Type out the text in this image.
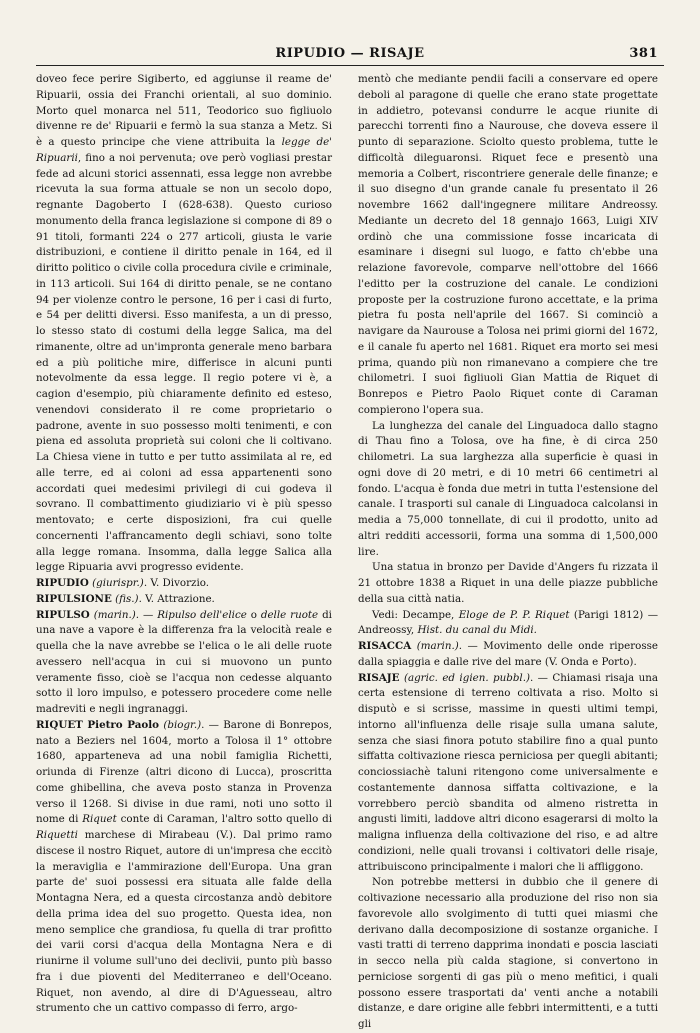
RIPUDIO — RISAJE	381

doveo fece perire Sigiberto, ed aggiunse il reame de' Ripuarii, ossia dei Franchi orientali, al suo dominio. Morto quel monarca nel 511, Teodorico suo figliuolo divenne re de' Ripuarii e fermò la sua stanza a Metz. Si è a questo principe che viene attribuita la legge de' Ripuarii, fino a noi pervenuta; ove però vogliasi prestar fede ad alcuni storici assennati, essa legge non avrebbe ricevuta la sua forma attuale se non un secolo dopo, regnante Dagoberto I (628-638). Questo curioso monumento della franca legislazione si compone di 89 o 91 titoli, formanti 224 o 277 articoli, giusta le varie distribuzioni, e contiene il diritto penale in 164, ed il diritto politico o civile colla procedura civile e criminale, in 113 articoli. Sui 164 di diritto penale, se ne contano 94 per violenze contro le persone, 16 per i casi di furto, e 54 per delitti diversi. Esso manifesta, a un di presso, lo stesso stato di costumi della legge Salica, ma del rimanente, oltre ad un'impronta generale meno barbara ed a più politiche mire, differisce in alcuni punti notevolmente da essa legge. Il regio potere vi è, a cagion d'esempio, più chiaramente definito ed esteso, venendovi considerato il re come proprietario o padrone, avente in suo possesso molti tenimenti, e con piena ed assoluta proprietà sui coloni che li coltivano. La Chiesa viene in tutto e per tutto assimilata al re, ed alle terre, ed ai coloni ad essa appartenenti sono accordati quei medesimi privilegi di cui godeva il sovrano. Il combattimento giudiziario vi è più spesso mentovato; e certe disposizioni, fra cui quelle concernenti l'affrancamento degli schiavi, sono tolte alla legge romana. Insomma, dalla legge Salica alla legge Ripuaria avvi progresso evidente.

RIPUDIO (giurispr.). V. Divorzio.

RIPULSIONE (fis.). V. Attrazione.

RIPULSO (marin.). — Ripulso dell'elice o delle ruote di una nave a vapore è la differenza fra la velocità reale e quella che la nave avrebbe se l'elica o le ali delle ruote avessero nell'acqua in cui si muovono un punto veramente fisso, cioè se l'acqua non cedesse alquanto sotto il loro impulso, e potessero procedere come nelle madreviti e negli ingranaggi.

RIQUET Pietro Paolo (biogr.). — Barone di Bonrepos, nato a Beziers nel 1604, morto a Tolosa il 1° ottobre 1680, apparteneva ad una nobil famiglia Richetti, oriunda di Firenze (altri dicono di Lucca), proscritta come ghibellina, che aveva posto stanza in Provenza verso il 1268. Si divise in due rami, noti uno sotto il nome di Riquet conte di Caraman, l'altro sotto quello di Riquetti marchese di Mirabeau (V.). Dal primo ramo discese il nostro Riquet, autore di un'impresa che eccitò la meraviglia e l'ammirazione dell'Europa. Una gran parte de' suoi possessi era situata alle falde della Montagna Nera, ed a questa circostanza andò debitore della prima idea del suo progetto. Questa idea, non meno semplice che grandiosa, fu quella di trar profitto dei varii corsi d'acqua della Montagna Nera e di riunirne il volume sull'uno dei declivii, punto più basso fra i due pioventi del Mediterraneo e dell'Oceano. Riquet, non avendo, al dire di D'Aguesseau, altro strumento che un cattivo compasso di ferro, argo-

mentò che mediante pendii facili a conservare ed opere deboli al paragone di quelle che erano state progettate in addietro, potevansi condurre le acque riunite di parecchi torrenti fino a Naurouse, che doveva essere il punto di separazione. Sciolto questo problema, tutte le difficoltà dileguaronsi. Riquet fece e presentò una memoria a Colbert, riscontriere generale delle finanze; e il suo disegno d'un grande canale fu presentato il 26 novembre 1662 dall'ingegnere militare Andreossy. Mediante un decreto del 18 gennajo 1663, Luigi XIV ordinò che una commissione fosse incaricata di esaminare i disegni sul luogo, e fatto ch'ebbe una relazione favorevole, comparve nell'ottobre del 1666 l'editto per la costruzione del canale. Le condizioni proposte per la costruzione furono accettate, e la prima pietra fu posta nell'aprile del 1667. Si cominciò a navigare da Naurouse a Tolosa nei primi giorni del 1672, e il canale fu aperto nel 1681. Riquet era morto sei mesi prima, quando più non rimanevano a compiere che tre chilometri. I suoi figliuoli Gian Mattia de Riquet di Bonrepos e Pietro Paolo Riquet conte di Caraman compierono l'opera sua.

La lunghezza del canale del Linguadoca dallo stagno di Thau fino a Tolosa, ove ha fine, è di circa 250 chilometri. La sua larghezza alla superficie è quasi in ogni dove di 20 metri, e di 10 metri 66 centimetri al fondo. L'acqua è fonda due metri in tutta l'estensione del canale. I trasporti sul canale di Linguadoca calcolansi in media a 75,000 tonnellate, di cui il prodotto, unito ad altri redditi accessorii, forma una somma di 1,500,000 lire.

Una statua in bronzo per Davide d'Angers fu rizzata il 21 ottobre 1838 a Riquet in una delle piazze pubbliche della sua città natia.

Vedi: Decampe, Eloge de P. P. Riquet (Parigi 1812) — Andreossy, Hist. du canal du Midi.

RISACCA (marin.). — Movimento delle onde riperosse dalla spiaggia e dalle rive del mare (V. Onda e Porto).

RISAJE (agric. ed igien. pubbl.). — Chiamasi risaja una certa estensione di terreno coltivata a riso. Molto si disputò e si scrisse, massime in questi ultimi tempi, intorno all'influenza delle risaje sulla umana salute, senza che siasi finora potuto stabilire fino a qual punto siffatta coltivazione riesca perniciosa per quegli abitanti; conciossiachè taluni ritengono come universalmente e costantemente dannosa siffatta coltivazione, e la vorrebbero perciò sbandita od almeno ristretta in angusti limiti, laddove altri dicono esagerarsi di molto la maligna influenza della coltivazione del riso, e ad altre condizioni, nelle quali trovansi i coltivatori delle risaje, attribuiscono principalmente i malori che li affliggono.

Non potrebbe mettersi in dubbio che il genere di coltivazione necessario alla produzione del riso non sia favorevole allo svolgimento di tutti quei miasmi che derivano dalla decomposizione di sostanze organiche. I vasti tratti di terreno dapprima inondati e poscia lasciati in secco nella più calda stagione, si convertono in perniciose sorgenti di gas più o meno mefitici, i quali possono essere trasportati da' venti anche a notabili distanze, e dare origine alle febbri intermittenti, e a tutti gli
